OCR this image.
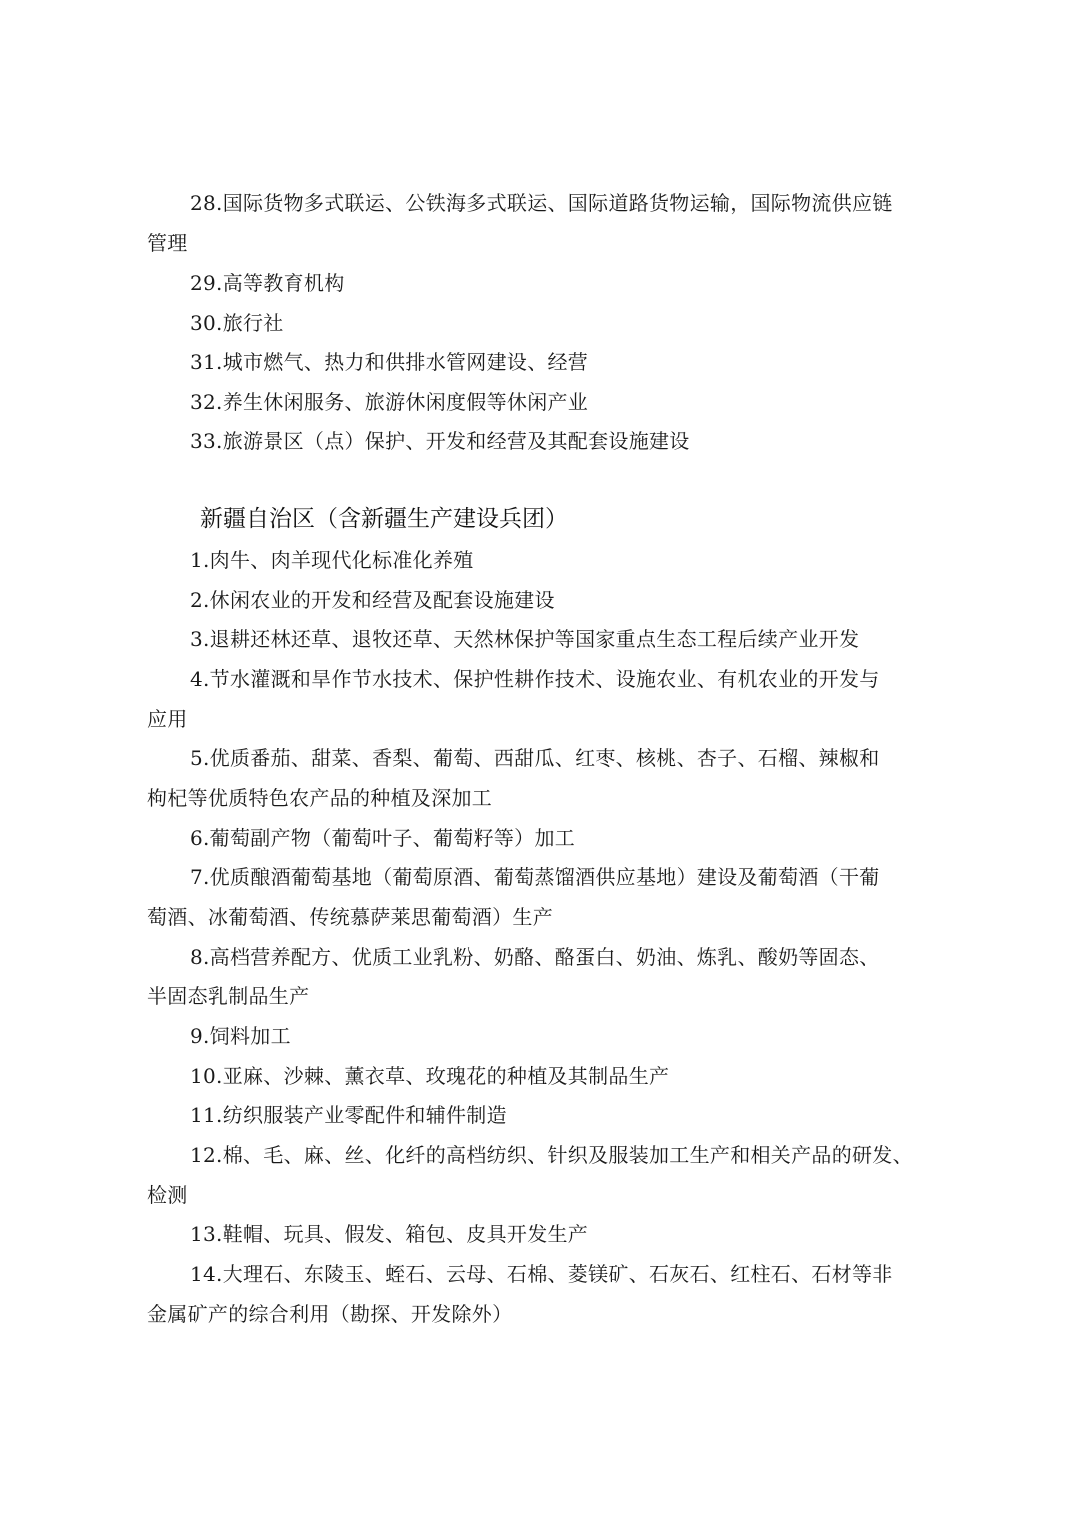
28.国际货物多式联运、公铁海多式联运、国际道路货物运输，国际物流供应链
管理
29.高等教育机构
30.旅行社
31.城市燃气、热力和供排水管网建设、经营
32.养生休闲服务、旅游休闲度假等休闲产业
33.旅游景区（点）保护、开发和经营及其配套设施建设
新疆自治区（含新疆生产建设兵团）
1.肉牛、肉羊现代化标准化养殖
2.休闲农业的开发和经营及配套设施建设
3.退耕还林还草、退牧还草、天然林保护等国家重点生态工程后续产业开发
4.节水灌溉和旱作节水技术、保护性耕作技术、设施农业、有机农业的开发与
应用
5.优质番茄、甜菜、香梨、葡萄、西甜瓜、红枣、核桃、杏子、石榴、辣椒和
枸杞等优质特色农产品的种植及深加工
6.葡萄副产物（葡萄叶子、葡萄籽等）加工
7.优质酿酒葡萄基地（葡萄原酒、葡萄蒸馏酒供应基地）建设及葡萄酒（干葡
萄酒、冰葡萄酒、传统慕萨莱思葡萄酒）生产
8.高档营养配方、优质工业乳粉、奶酪、酪蛋白、奶油、炼乳、酸奶等固态、
半固态乳制品生产
9.饲料加工
10.亚麻、沙棘、薰衣草、玫瑰花的种植及其制品生产
11.纺织服装产业零配件和辅件制造
12.棉、毛、麻、丝、化纤的高档纺织、针织及服装加工生产和相关产品的研发、
检测
13.鞋帽、玩具、假发、箱包、皮具开发生产
14.大理石、东陵玉、蛭石、云母、石棉、菱镁矿、石灰石、红柱石、石材等非
金属矿产的综合利用（勘探、开发除外）
